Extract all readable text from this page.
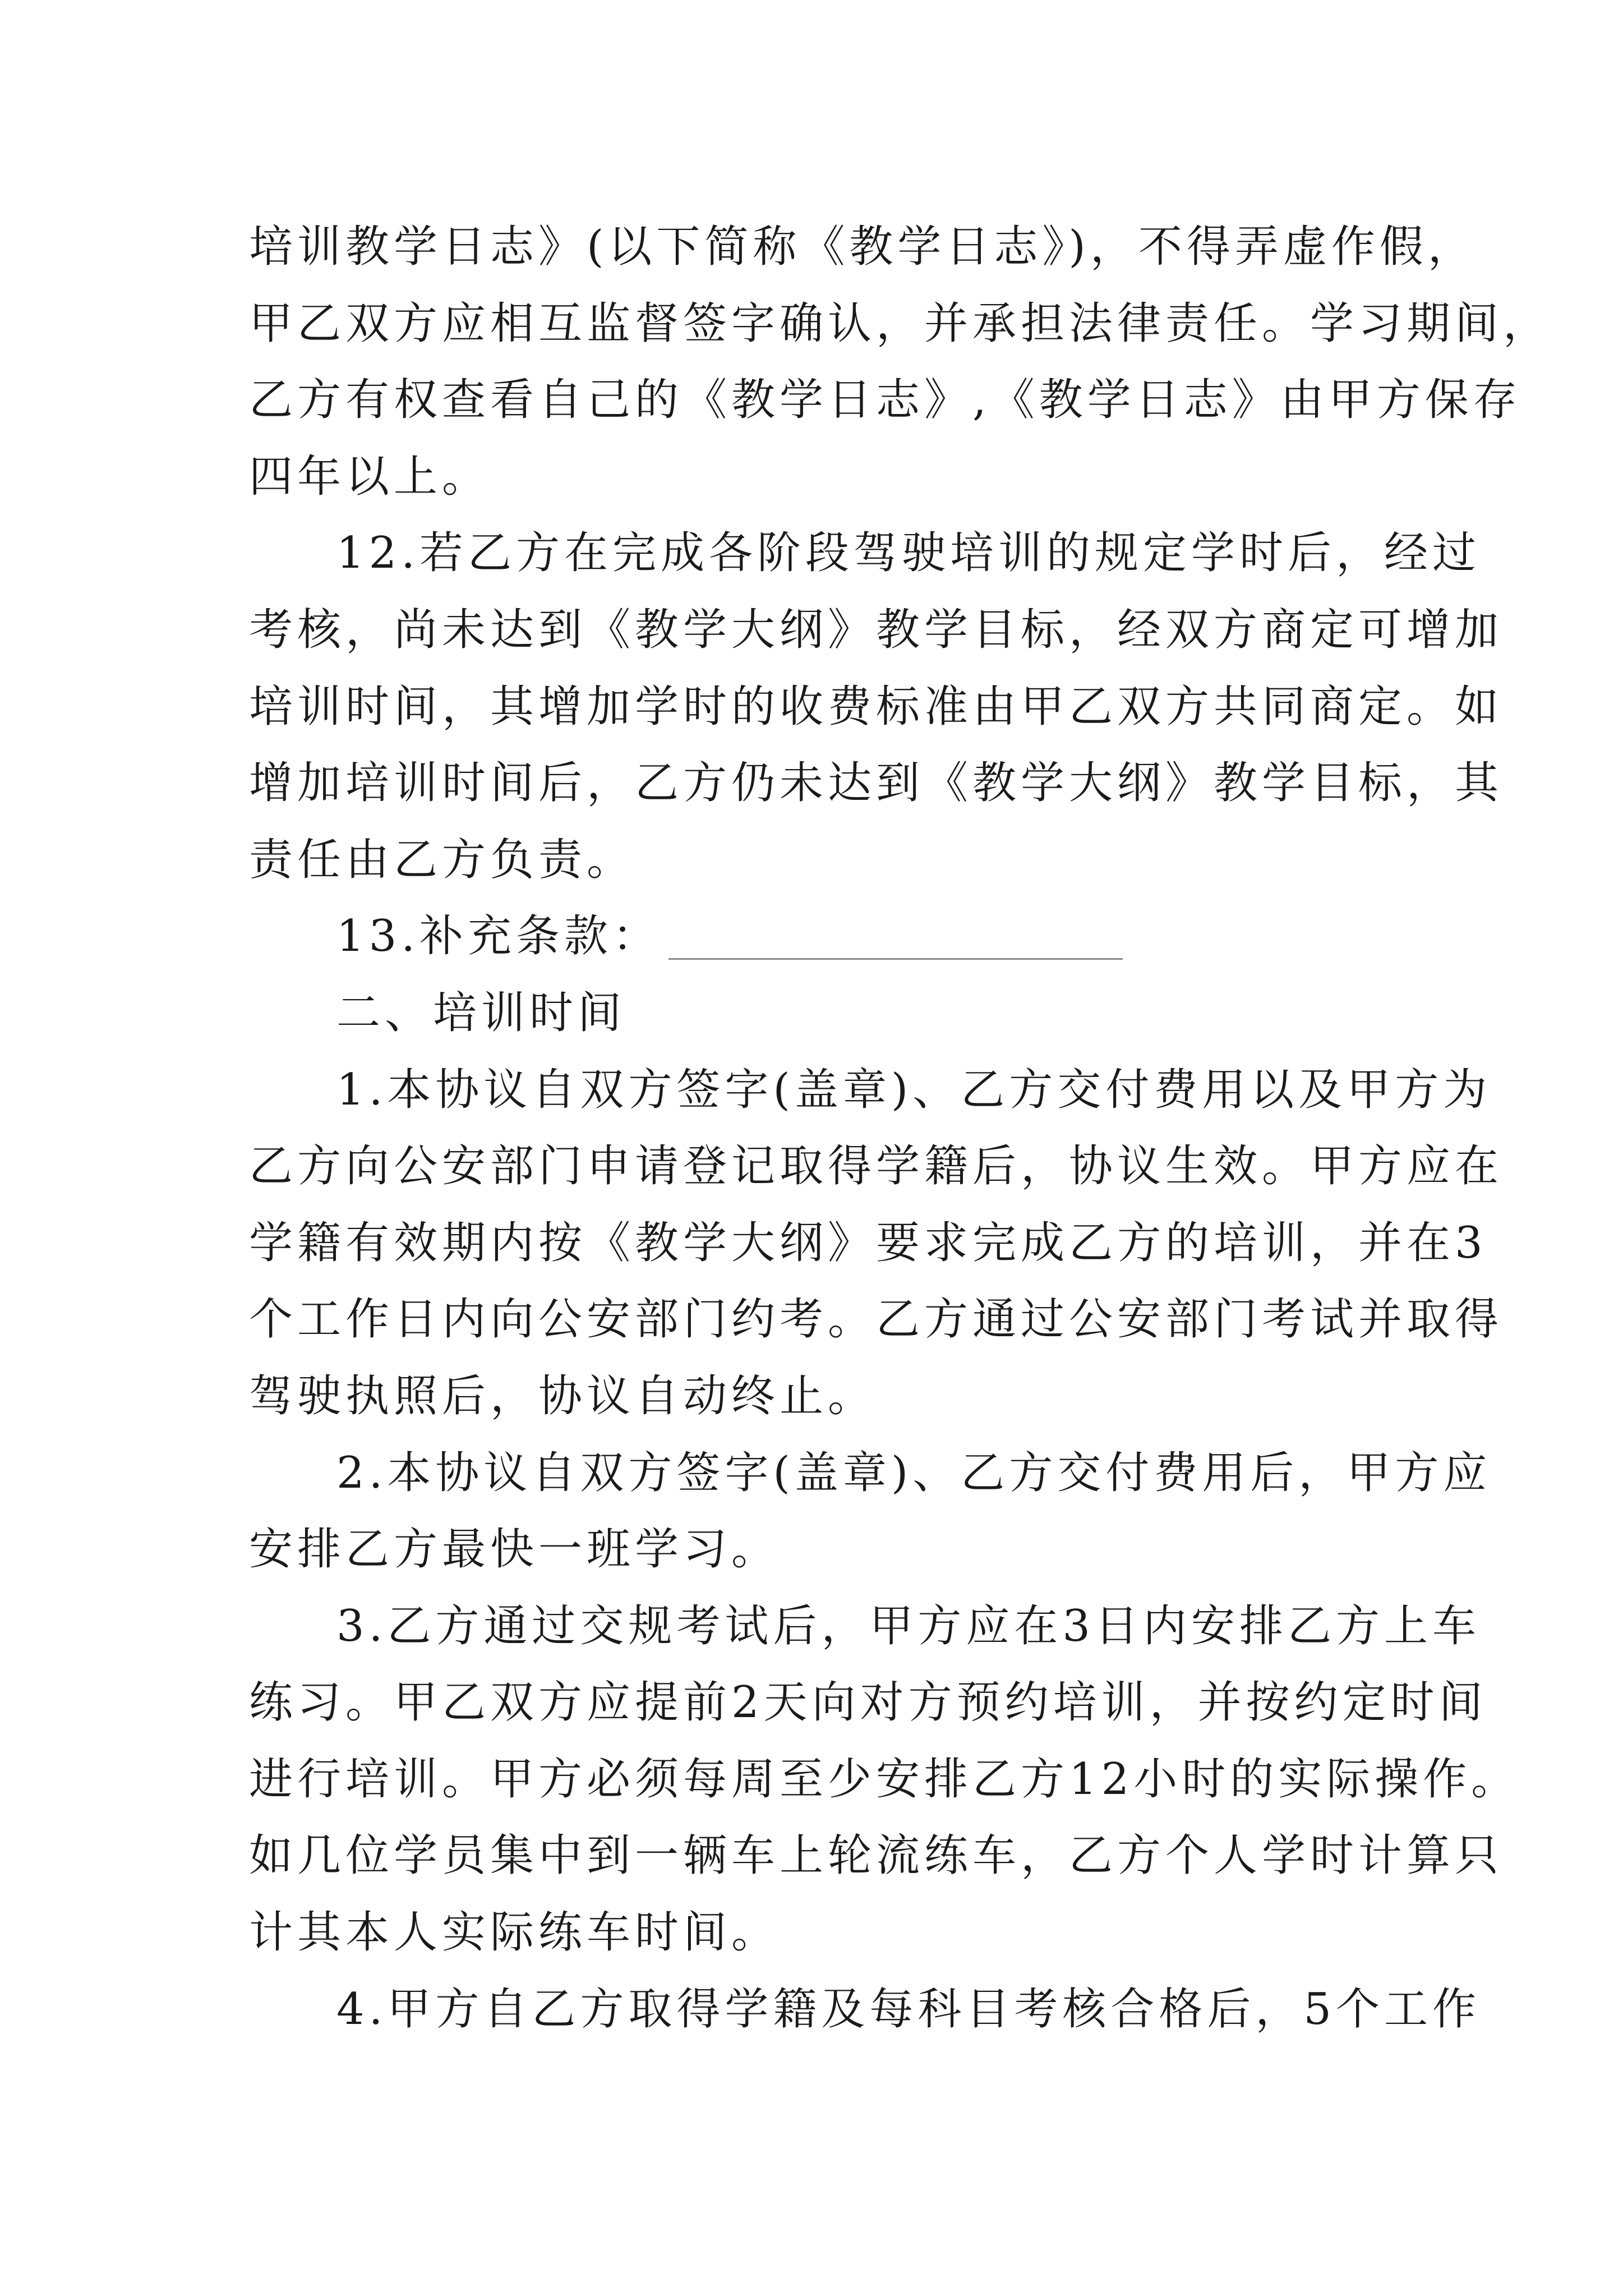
培训教学日志》(以下简称《教学日志》)，不得弄虚作假，
甲乙双方应相互监督签字确认，并承担法律责任。学习期间，
乙方有权查看自己的《教学日志》,《教学日志》由甲方保存
四年以上。
12.若乙方在完成各阶段驾驶培训的规定学时后，经过
考核，尚未达到《教学大纲》教学目标，经双方商定可增加
培训时间，其增加学时的收费标准由甲乙双方共同商定。如
增加培训时间后，乙方仍未达到《教学大纲》教学目标，其
责任由乙方负责。
13.补充条款：
二、培训时间
1.本协议自双方签字(盖章)、乙方交付费用以及甲方为
乙方向公安部门申请登记取得学籍后，协议生效。甲方应在
学籍有效期内按《教学大纲》要求完成乙方的培训，并在3
个工作日内向公安部门约考。乙方通过公安部门考试并取得
驾驶执照后，协议自动终止。
2.本协议自双方签字(盖章)、乙方交付费用后，甲方应
安排乙方最快一班学习。
3.乙方通过交规考试后，甲方应在3日内安排乙方上车
练习。甲乙双方应提前2天向对方预约培训，并按约定时间
进行培训。甲方必须每周至少安排乙方12小时的实际操作。
如几位学员集中到一辆车上轮流练车，乙方个人学时计算只
计其本人实际练车时间。
4.甲方自乙方取得学籍及每科目考核合格后，5个工作
